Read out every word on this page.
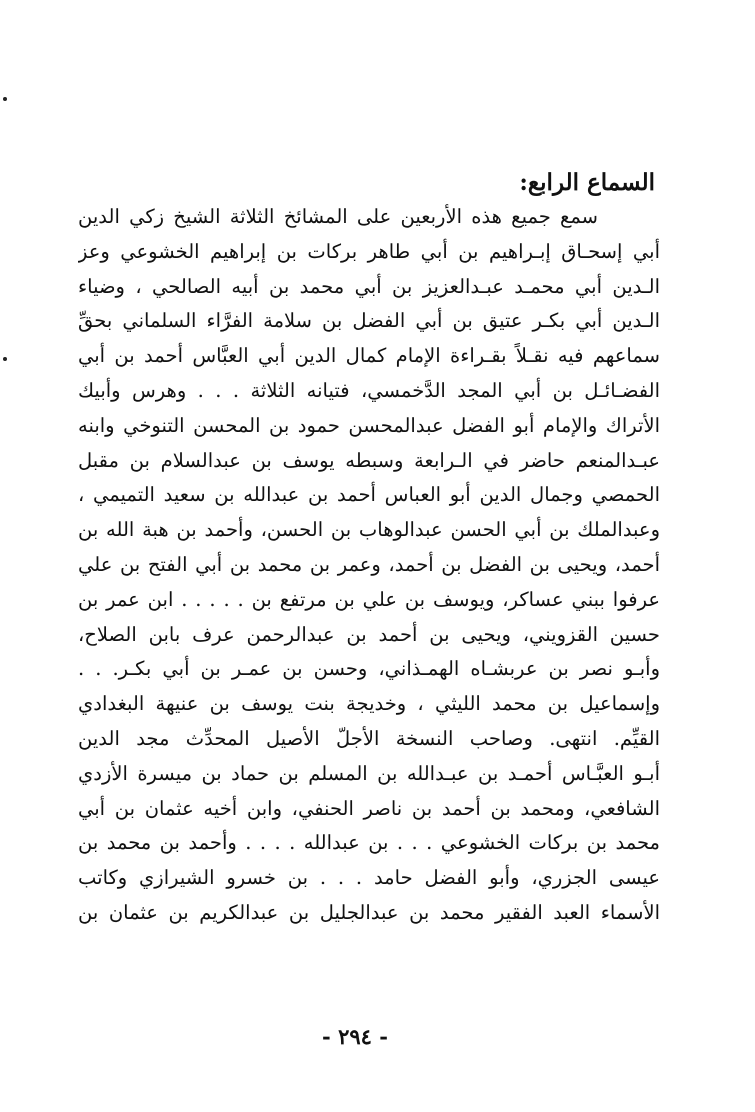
السماع الرابع:
سمع جميع هذه الأربعين على المشائخ الثلاثة الشيخ زكي الدين
أبي إسحـاق إبـراهيم بن أبي طاهر بركات بن إبراهيم الخشوعي وعز
الـدين أبي محمـد عبـدالعزيز بن أبي محمد بن أبيه الصالحي ، وضياء
الـدين أبي بكـر عتيق بن أبي الفضل بن سلامة الفرَّاء السلماني بحقِّ
سماعهم فيه نقـلاً بقـراءة الإمام كمال الدين أبي العبَّاس أحمد بن أبي
الفضـائـل بن أبي المجد الدَّخمسي، فتيانه الثلاثة . . . وهرس وأبيك
الأتراك والإمام أبو الفضل عبدالمحسن حمود بن المحسن التنوخي وابنه
عبـدالمنعم حاضر في الـرابعة وسبطه يوسف بن عبدالسلام بن مقبل
الحمصي وجمال الدين أبو العباس أحمد بن عبدالله بن سعيد التميمي ،
وعبدالملك بن أبي الحسن عبدالوهاب بن الحسن، وأحمد بن هبة الله بن
أحمد، ويحيى بن الفضل بن أحمد، وعمر بن محمد بن أبي الفتح بن علي
عرفوا ببني عساكر، ويوسف بن علي بن مرتفع بن . . . . . ابن عمر بن
حسين القزويني، ويحيى بن أحمد بن عبدالرحمن عرف بابن الصلاح،
وأبـو نصر بن عربشـاه الهمـذاني، وحسن بن عمـر بن أبي بكـر. . .
وإسماعيل بن محمد الليثي ، وخديجة بنت يوسف بن عنيهة البغدادي
القيِّم. انتهى. وصاحب النسخة الأجلّ الأصيل المحدِّث مجد الدين
أبـو العبَّـاس أحمـد بن عبـدالله بن المسلم بن حماد بن ميسرة الأزدي
الشافعي، ومحمد بن أحمد بن ناصر الحنفي، وابن أخيه عثمان بن أبي
محمد بن بركات الخشوعي . . . بن عبدالله . . . . وأحمد بن محمد بن
عيسى الجزري، وأبو الفضل حامد . . . بن خسرو الشيرازي وكاتب
الأسماء العبد الفقير محمد بن عبدالجليل بن عبدالكريم بن عثمان بن
- ٢٩٤ -
